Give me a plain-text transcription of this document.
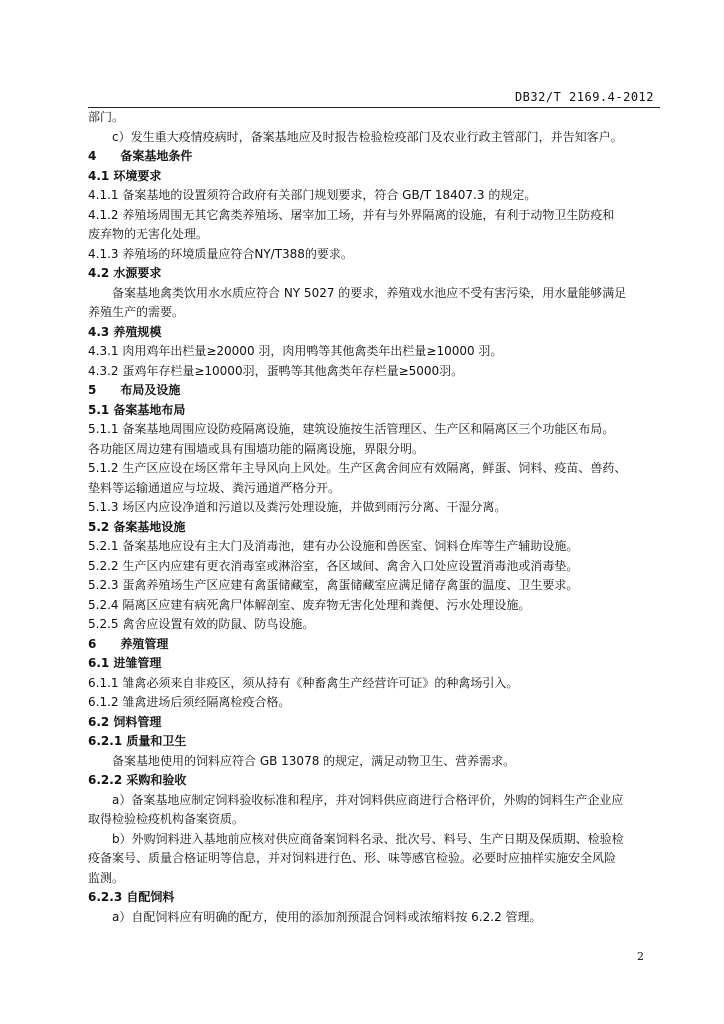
DB32/T 2169.4-2012
部门。
c）发生重大疫情疫病时，备案基地应及时报告检验检疫部门及农业行政主管部门，并告知客户。
4　　备案基地条件
4.1 环境要求
4.1.1 备案基地的设置须符合政府有关部门规划要求，符合 GB/T 18407.3 的规定。
4.1.2 养殖场周围无其它禽类养殖场、屠宰加工场，并有与外界隔离的设施，有利于动物卫生防疫和
废弃物的无害化处理。
4.1.3 养殖场的环境质量应符合NY/T388的要求。
4.2 水源要求
备案基地禽类饮用水水质应符合 NY 5027 的要求，养殖戏水池应不受有害污染，用水量能够满足
养殖生产的需要。
4.3 养殖规模
4.3.1 肉用鸡年出栏量≥20000 羽，肉用鸭等其他禽类年出栏量≥10000 羽。
4.3.2 蛋鸡年存栏量≥10000羽，蛋鸭等其他禽类年存栏量≥5000羽。
5　　布局及设施
5.1 备案基地布局
5.1.1 备案基地周围应设防疫隔离设施，建筑设施按生活管理区、生产区和隔离区三个功能区布局。
各功能区周边建有围墙或具有围墙功能的隔离设施，界限分明。
5.1.2 生产区应设在场区常年主导风向上风处。生产区禽舍间应有效隔离，鲜蛋、饲料、疫苗、兽药、
垫料等运输通道应与垃圾、粪污通道严格分开。
5.1.3 场区内应设净道和污道以及粪污处理设施，并做到雨污分离、干湿分离。
5.2 备案基地设施
5.2.1 备案基地应设有主大门及消毒池，建有办公设施和兽医室、饲料仓库等生产辅助设施。
5.2.2 生产区内应建有更衣消毒室或淋浴室，各区域间、禽舍入口处应设置消毒池或消毒垫。
5.2.3 蛋禽养殖场生产区应建有禽蛋储藏室，禽蛋储藏室应满足储存禽蛋的温度、卫生要求。
5.2.4 隔离区应建有病死禽尸体解剖室、废弃物无害化处理和粪便、污水处理设施。
5.2.5 禽舍应设置有效的防鼠、防鸟设施。
6　　养殖管理
6.1 进雏管理
6.1.1 雏禽必须来自非疫区，须从持有《种畜禽生产经营许可证》的种禽场引入。
6.1.2 雏禽进场后须经隔离检疫合格。
6.2 饲料管理
6.2.1 质量和卫生
备案基地使用的饲料应符合 GB 13078 的规定，满足动物卫生、营养需求。
6.2.2 采购和验收
a）备案基地应制定饲料验收标准和程序，并对饲料供应商进行合格评价，外购的饲料生产企业应
取得检验检疫机构备案资质。
b）外购饲料进入基地前应核对供应商备案饲料名录、批次号、料号、生产日期及保质期、检验检
疫备案号、质量合格证明等信息，并对饲料进行色、形、味等感官检验。必要时应抽样实施安全风险
监测。
6.2.3 自配饲料
a）自配饲料应有明确的配方，使用的添加剂预混合饲料或浓缩料按 6.2.2 管理。
2
